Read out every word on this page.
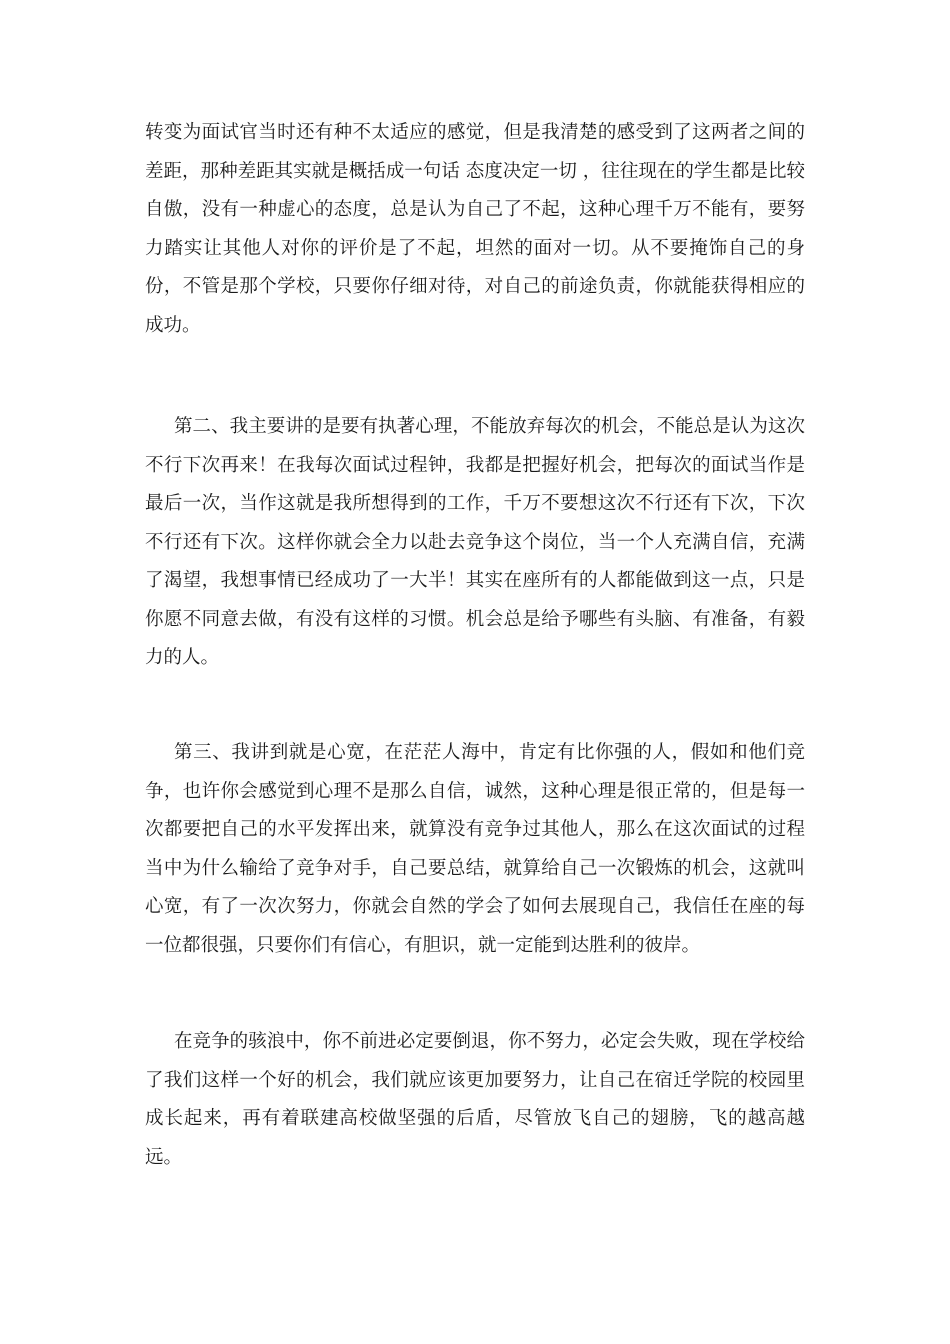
转变为面试官当时还有种不太适应的感觉，但是我清楚的感受到了这两者之间的差距，那种差距其实就是概括成一句话 态度决定一切 ，往往现在的学生都是比较自傲，没有一种虚心的态度，总是认为自己了不起，这种心理千万不能有，要努力踏实让其他人对你的评价是了不起，坦然的面对一切。从不要掩饰自己的身份，不管是那个学校，只要你仔细对待，对自己的前途负责，你就能获得相应的成功。

第二、我主要讲的是要有执著心理，不能放弃每次的机会，不能总是认为这次不行下次再来！在我每次面试过程钟，我都是把握好机会，把每次的面试当作是最后一次，当作这就是我所想得到的工作，千万不要想这次不行还有下次，下次不行还有下次。这样你就会全力以赴去竞争这个岗位，当一个人充满自信，充满了渴望，我想事情已经成功了一大半！其实在座所有的人都能做到这一点，只是你愿不同意去做，有没有这样的习惯。机会总是给予哪些有头脑、有准备，有毅力的人。

第三、我讲到就是心宽，在茫茫人海中，肯定有比你强的人，假如和他们竞争，也许你会感觉到心理不是那么自信，诚然，这种心理是很正常的，但是每一次都要把自己的水平发挥出来，就算没有竞争过其他人，那么在这次面试的过程当中为什么输给了竞争对手，自己要总结，就算给自己一次锻炼的机会，这就叫心宽，有了一次次努力，你就会自然的学会了如何去展现自己，我信任在座的每一位都很强，只要你们有信心，有胆识，就一定能到达胜利的彼岸。

在竞争的骇浪中，你不前进必定要倒退，你不努力，必定会失败，现在学校给了我们这样一个好的机会，我们就应该更加要努力，让自己在宿迁学院的校园里成长起来，再有着联建高校做坚强的后盾，尽管放飞自己的翅膀，飞的越高越远。
